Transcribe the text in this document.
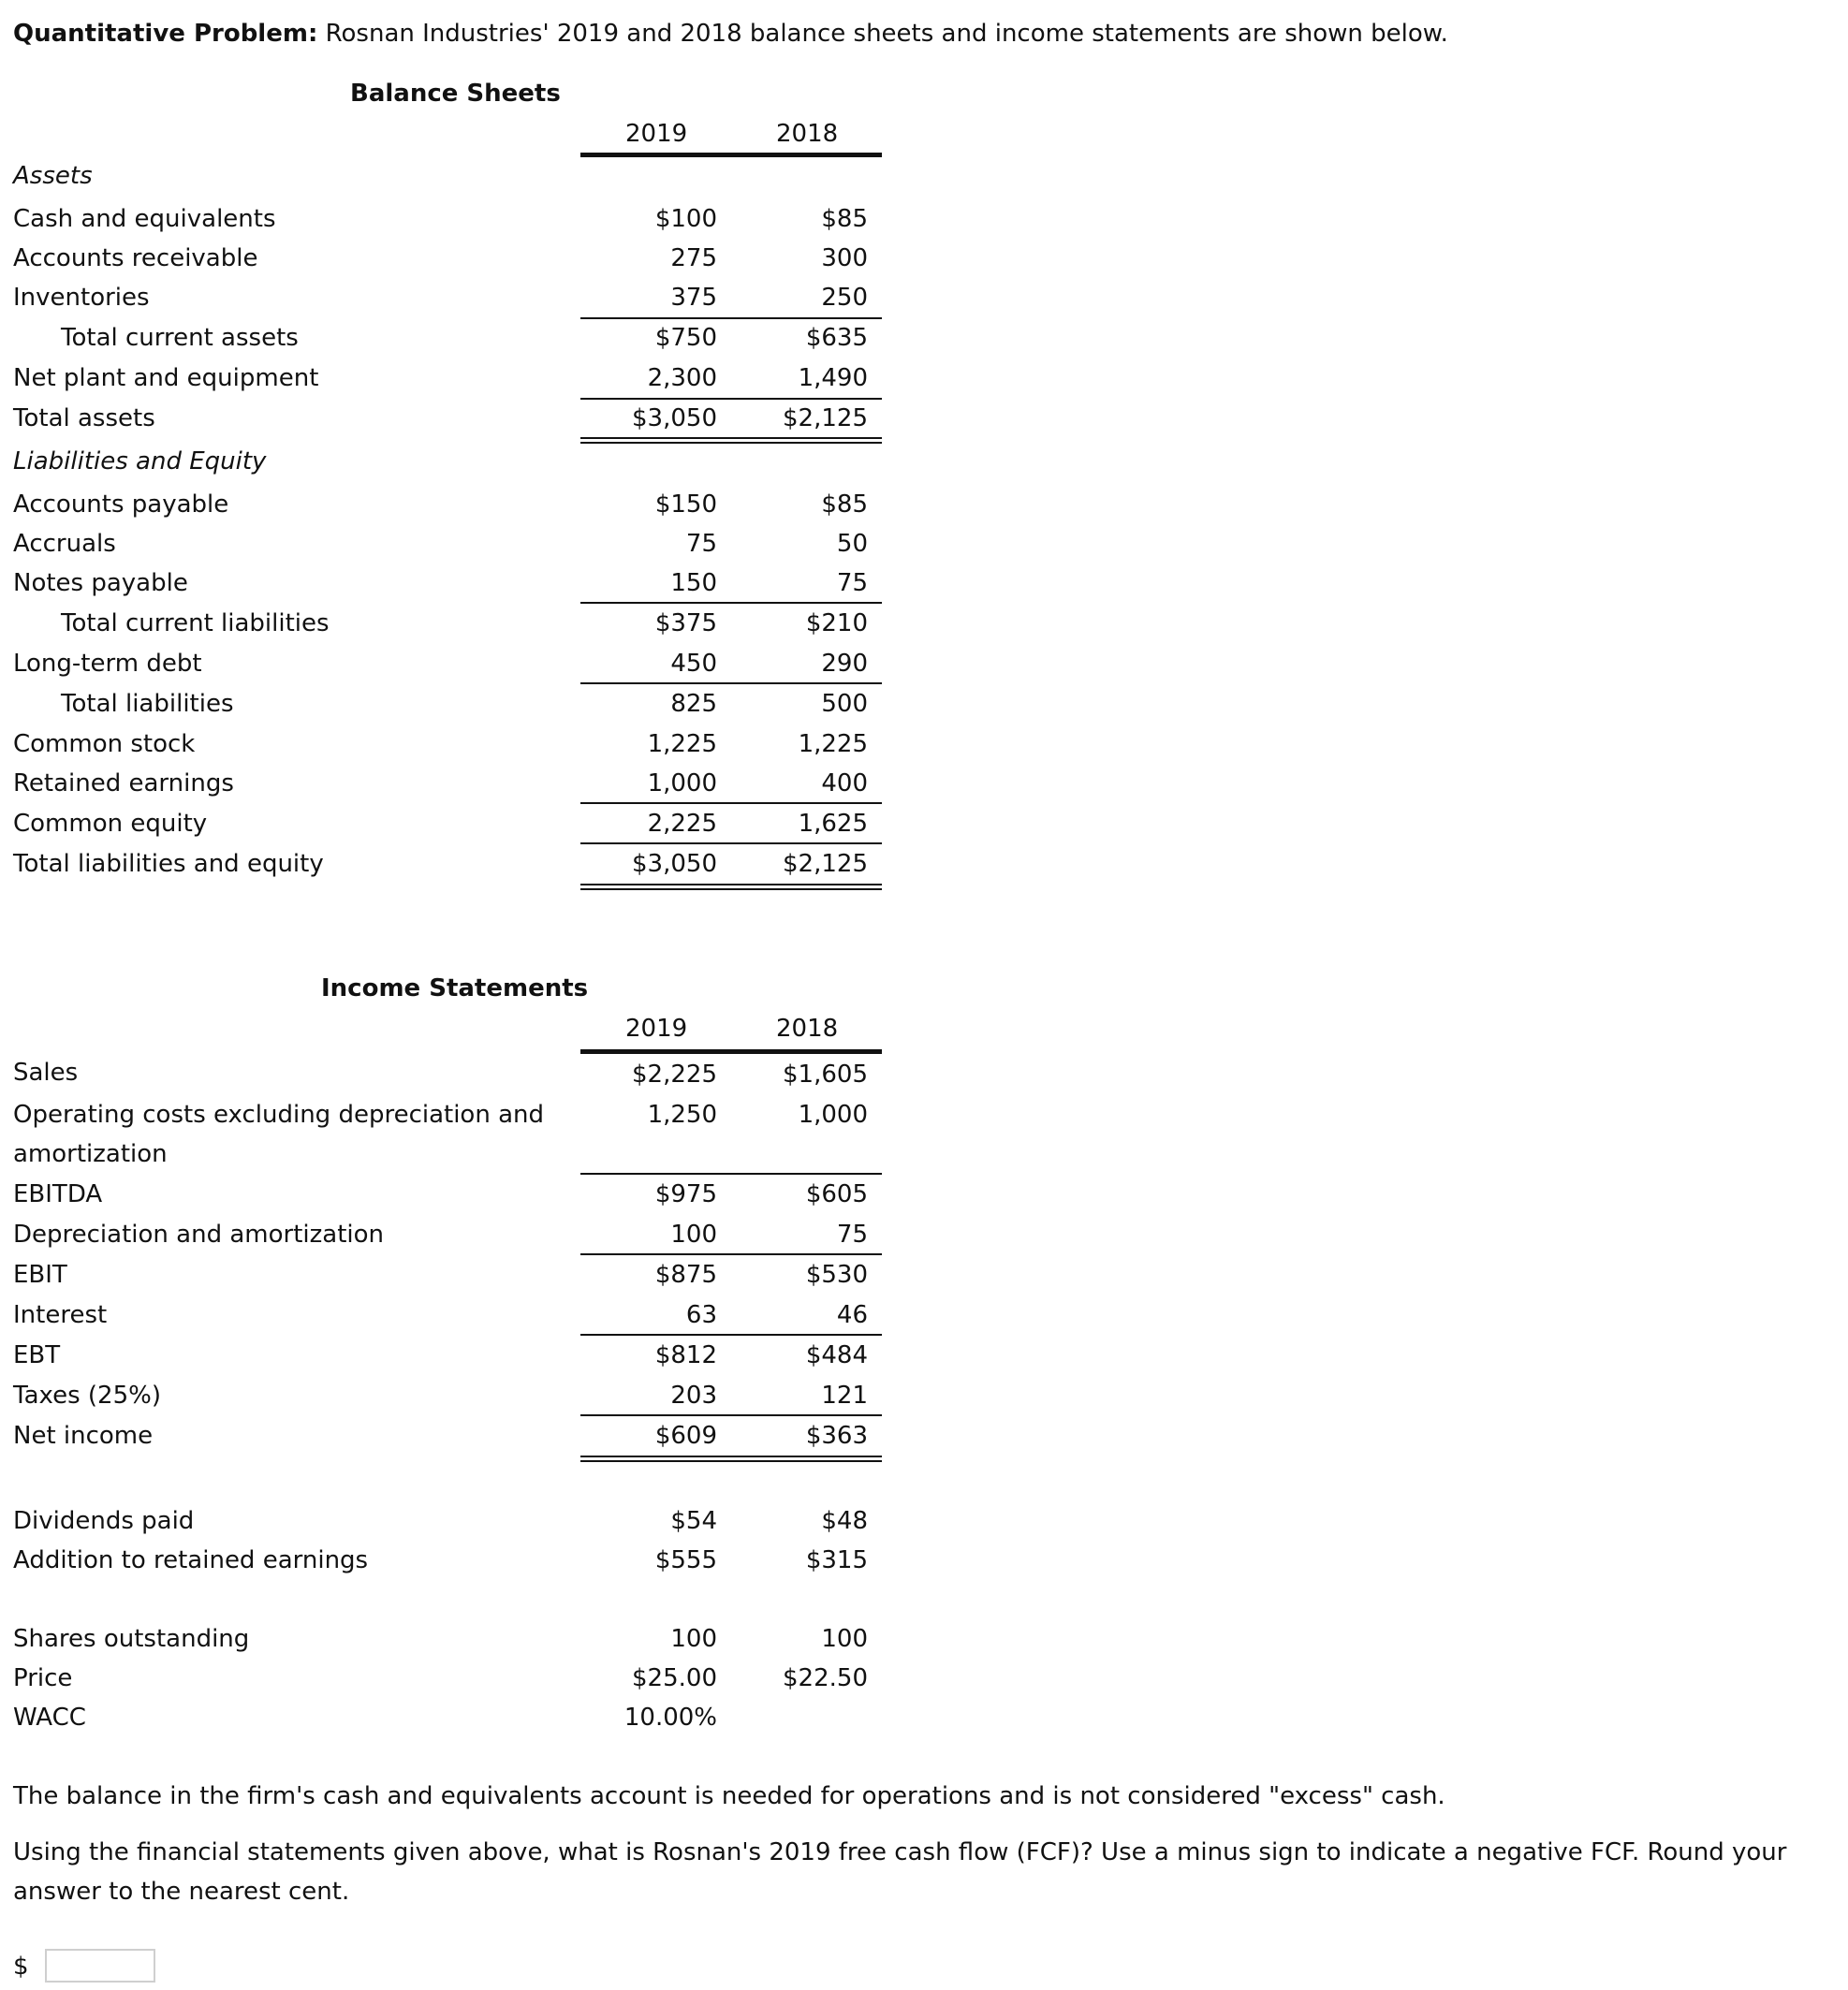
Quantitative Problem: Rosnan Industries' 2019 and 2018 balance sheets and income statements are shown below.
Balance Sheets
2019	2018
Assets
Cash and equivalents	$100	$85
Accounts receivable	275	300
Inventories	375	250
Total current assets	$750	$635
Net plant and equipment	2,300	1,490
Total assets	$3,050	$2,125
Liabilities and Equity
Accounts payable	$150	$85
Accruals	75	50
Notes payable	150	75
Total current liabilities	$375	$210
Long-term debt	450	290
Total liabilities	825	500
Common stock	1,225	1,225
Retained earnings	1,000	400
Common equity	2,225	1,625
Total liabilities and equity	$3,050	$2,125
Income Statements
2019	2018
Sales	$2,225	$1,605
Operating costs excluding depreciation and
amortization
1,250	1,000
EBITDA	$975	$605
Depreciation and amortization	100	75
EBIT	$875	$530
Interest	63	46
EBT	$812	$484
Taxes (25%)	203	121
Net income	$609	$363
Dividends paid	$54	$48
Addition to retained earnings	$555	$315
Shares outstanding	100	100
Price	$25.00	$22.50
WACC	10.00%
The balance in the firm's cash and equivalents account is needed for operations and is not considered "excess" cash.
Using the financial statements given above, what is Rosnan's 2019 free cash flow (FCF)? Use a minus sign to indicate a negative FCF. Round your answer to the nearest cent.
$
